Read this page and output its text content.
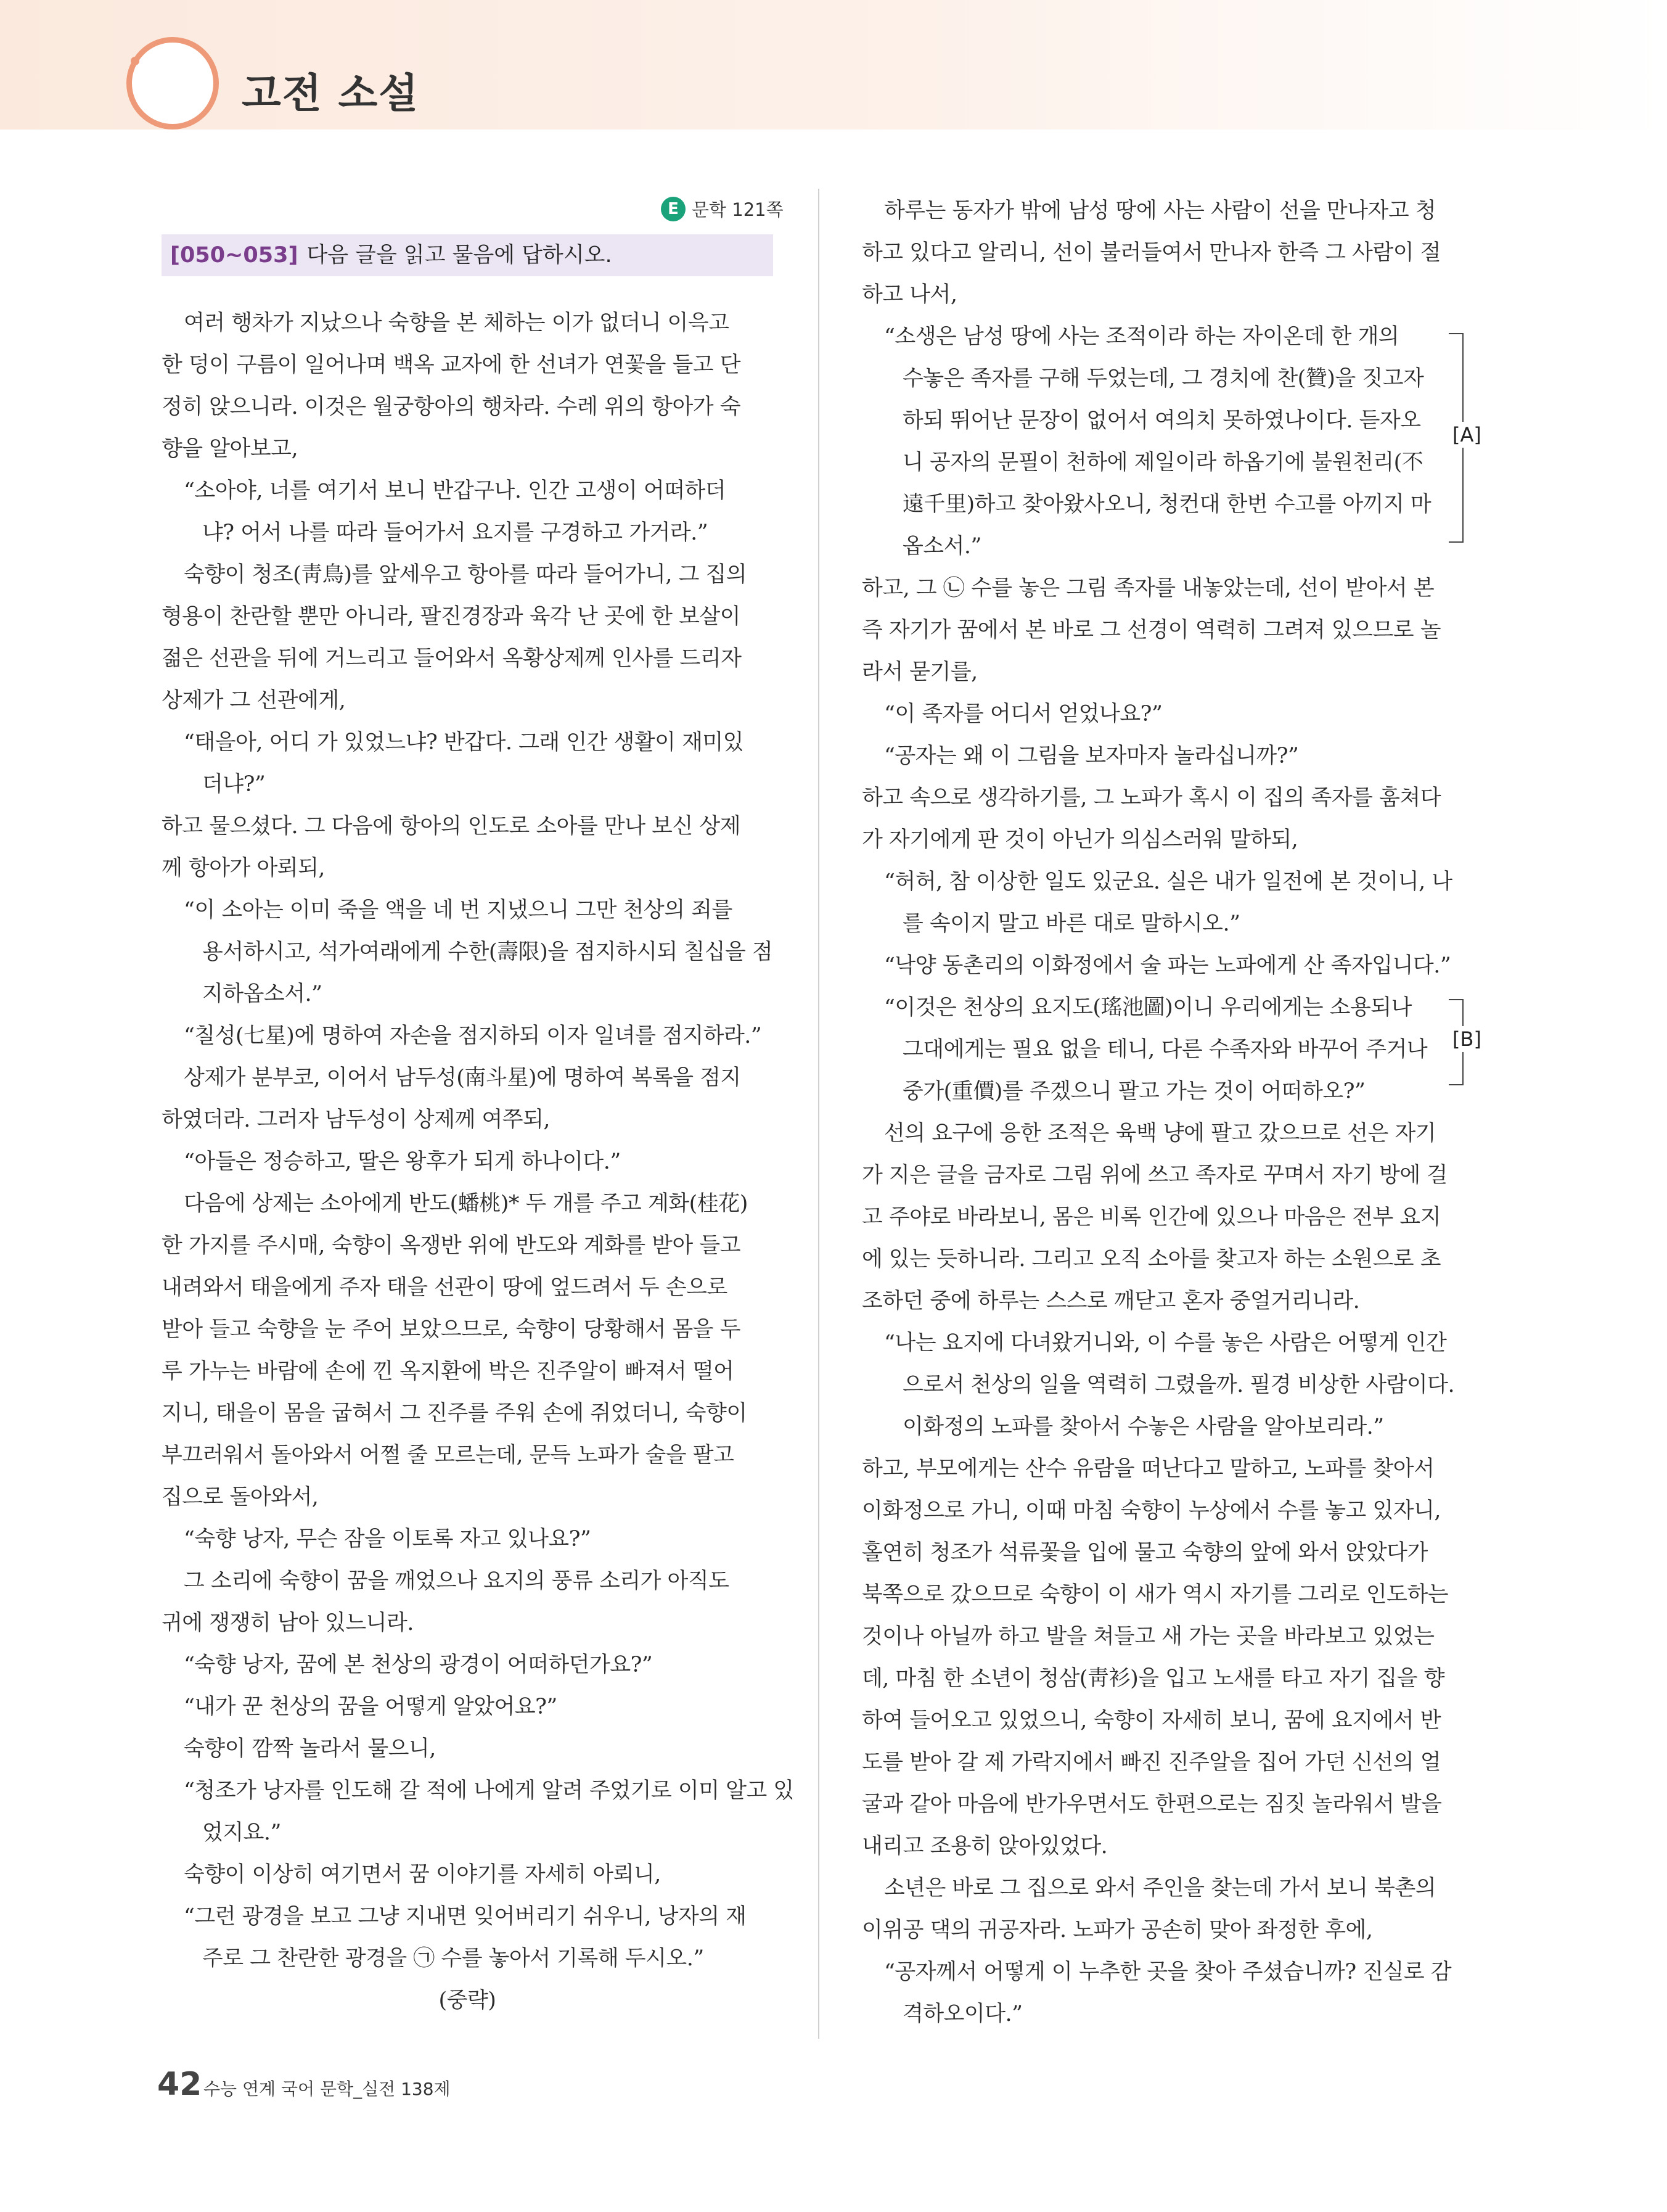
고전 소설
E 문학 121쪽
[050~053] 다음 글을 읽고 물음에 답하시오.
여러 행차가 지났으나 숙향을 본 체하는 이가 없더니 이윽고
한 덩이 구름이 일어나며 백옥 교자에 한 선녀가 연꽃을 들고 단
정히 앉으니라. 이것은 월궁항아의 행차라. 수레 위의 항아가 숙
향을 알아보고,
“소아야, 너를 여기서 보니 반갑구나. 인간 고생이 어떠하더
냐? 어서 나를 따라 들어가서 요지를 구경하고 가거라.”
숙향이 청조(靑鳥)를 앞세우고 항아를 따라 들어가니, 그 집의
형용이 찬란할 뿐만 아니라, 팔진경장과 육각 난 곳에 한 보살이
젊은 선관을 뒤에 거느리고 들어와서 옥황상제께 인사를 드리자
상제가 그 선관에게,
“태을아, 어디 가 있었느냐? 반갑다. 그래 인간 생활이 재미있
더냐?”
하고 물으셨다. 그 다음에 항아의 인도로 소아를 만나 보신 상제
께 항아가 아뢰되,
“이 소아는 이미 죽을 액을 네 번 지냈으니 그만 천상의 죄를
용서하시고, 석가여래에게 수한(壽限)을 점지하시되 칠십을 점
지하옵소서.”
“칠성(七星)에 명하여 자손을 점지하되 이자 일녀를 점지하라.”
상제가 분부코, 이어서 남두성(南斗星)에 명하여 복록을 점지
하였더라. 그러자 남두성이 상제께 여쭈되,
“아들은 정승하고, 딸은 왕후가 되게 하나이다.”
다음에 상제는 소아에게 반도(蟠桃)* 두 개를 주고 계화(桂花)
한 가지를 주시매, 숙향이 옥쟁반 위에 반도와 계화를 받아 들고
내려와서 태을에게 주자 태을 선관이 땅에 엎드려서 두 손으로
받아 들고 숙향을 눈 주어 보았으므로, 숙향이 당황해서 몸을 두
루 가누는 바람에 손에 낀 옥지환에 박은 진주알이 빠져서 떨어
지니, 태을이 몸을 굽혀서 그 진주를 주워 손에 쥐었더니, 숙향이
부끄러워서 돌아와서 어쩔 줄 모르는데, 문득 노파가 술을 팔고
집으로 돌아와서,
“숙향 낭자, 무슨 잠을 이토록 자고 있나요?”
그 소리에 숙향이 꿈을 깨었으나 요지의 풍류 소리가 아직도
귀에 쟁쟁히 남아 있느니라.
“숙향 낭자, 꿈에 본 천상의 광경이 어떠하던가요?”
“내가 꾼 천상의 꿈을 어떻게 알았어요?”
숙향이 깜짝 놀라서 물으니,
“청조가 낭자를 인도해 갈 적에 나에게 알려 주었기로 이미 알고 있
었지요.”
숙향이 이상히 여기면서 꿈 이야기를 자세히 아뢰니,
“그런 광경을 보고 그냥 지내면 잊어버리기 쉬우니, 낭자의 재
주로 그 찬란한 광경을 ㉠ 수를 놓아서 기록해 두시오.”
(중략)
하루는 동자가 밖에 남성 땅에 사는 사람이 선을 만나자고 청
하고 있다고 알리니, 선이 불러들여서 만나자 한즉 그 사람이 절
하고 나서,
“소생은 남성 땅에 사는 조적이라 하는 자이온데 한 개의
수놓은 족자를 구해 두었는데, 그 경치에 찬(贊)을 짓고자
하되 뛰어난 문장이 없어서 여의치 못하였나이다. 듣자오
니 공자의 문필이 천하에 제일이라 하옵기에 불원천리(不
遠千里)하고 찾아왔사오니, 청컨대 한번 수고를 아끼지 마
옵소서.”
하고, 그 ㉡ 수를 놓은 그림 족자를 내놓았는데, 선이 받아서 본
즉 자기가 꿈에서 본 바로 그 선경이 역력히 그려져 있으므로 놀
라서 묻기를,
“이 족자를 어디서 얻었나요?”
“공자는 왜 이 그림을 보자마자 놀라십니까?”
하고 속으로 생각하기를, 그 노파가 혹시 이 집의 족자를 훔쳐다
가 자기에게 판 것이 아닌가 의심스러워 말하되,
“허허, 참 이상한 일도 있군요. 실은 내가 일전에 본 것이니, 나
를 속이지 말고 바른 대로 말하시오.”
“낙양 동촌리의 이화정에서 술 파는 노파에게 산 족자입니다.”
“이것은 천상의 요지도(瑤池圖)이니 우리에게는 소용되나
그대에게는 필요 없을 테니, 다른 수족자와 바꾸어 주거나
중가(重價)를 주겠으니 팔고 가는 것이 어떠하오?”
선의 요구에 응한 조적은 육백 냥에 팔고 갔으므로 선은 자기
가 지은 글을 금자로 그림 위에 쓰고 족자로 꾸며서 자기 방에 걸
고 주야로 바라보니, 몸은 비록 인간에 있으나 마음은 전부 요지
에 있는 듯하니라. 그리고 오직 소아를 찾고자 하는 소원으로 초
조하던 중에 하루는 스스로 깨닫고 혼자 중얼거리니라.
“나는 요지에 다녀왔거니와, 이 수를 놓은 사람은 어떻게 인간
으로서 천상의 일을 역력히 그렸을까. 필경 비상한 사람이다.
이화정의 노파를 찾아서 수놓은 사람을 알아보리라.”
하고, 부모에게는 산수 유람을 떠난다고 말하고, 노파를 찾아서
이화정으로 가니, 이때 마침 숙향이 누상에서 수를 놓고 있자니,
홀연히 청조가 석류꽃을 입에 물고 숙향의 앞에 와서 앉았다가
북쪽으로 갔으므로 숙향이 이 새가 역시 자기를 그리로 인도하는
것이나 아닐까 하고 발을 쳐들고 새 가는 곳을 바라보고 있었는
데, 마침 한 소년이 청삼(靑衫)을 입고 노새를 타고 자기 집을 향
하여 들어오고 있었으니, 숙향이 자세히 보니, 꿈에 요지에서 반
도를 받아 갈 제 가락지에서 빠진 진주알을 집어 가던 신선의 얼
굴과 같아 마음에 반가우면서도 한편으로는 짐짓 놀라워서 발을
내리고 조용히 앉아있었다.
소년은 바로 그 집으로 와서 주인을 찾는데 가서 보니 북촌의
이위공 댁의 귀공자라. 노파가 공손히 맞아 좌정한 후에,
“공자께서 어떻게 이 누추한 곳을 찾아 주셨습니까? 진실로 감
격하오이다.”
[A]
[B]
42 수능 연계 국어 문학_실전 138제
